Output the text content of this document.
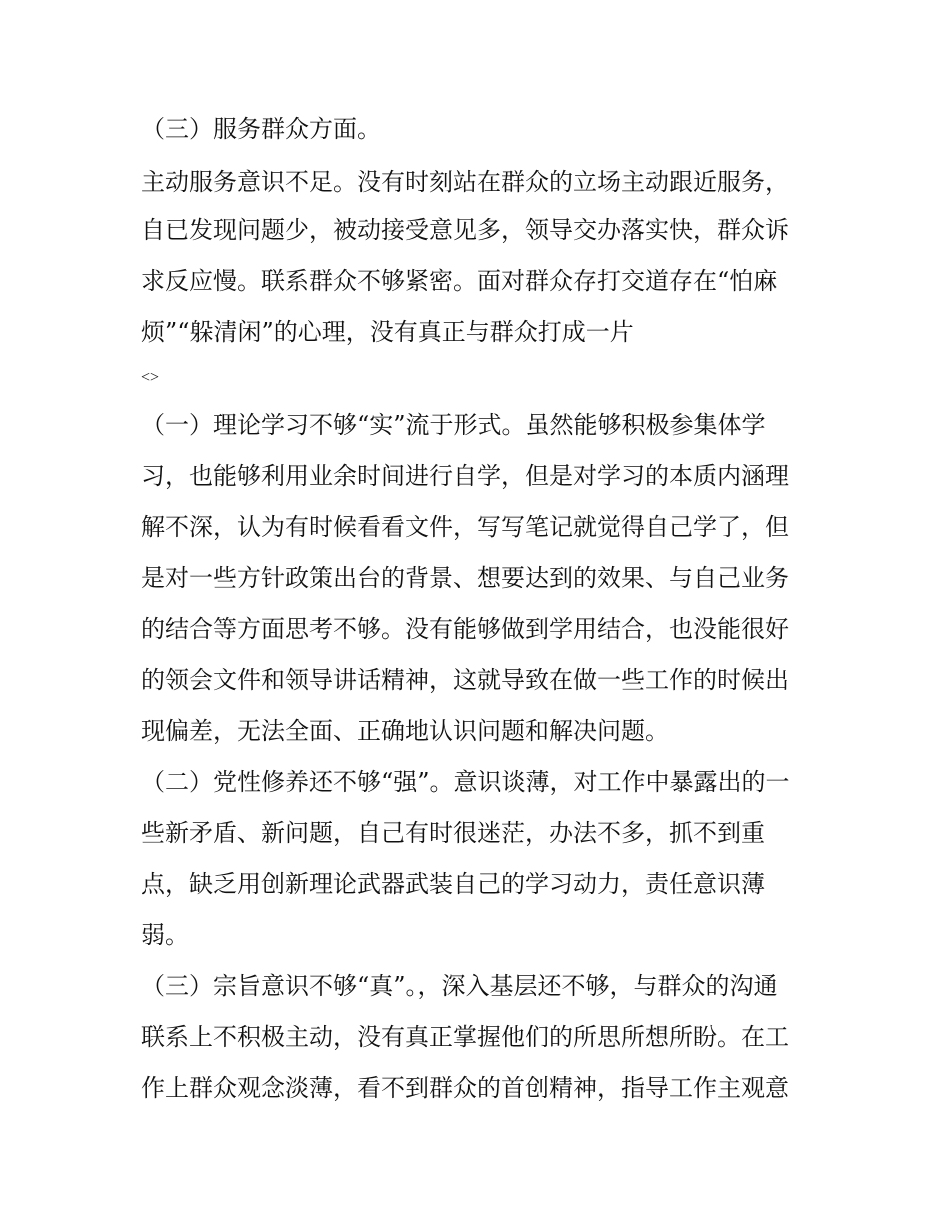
（三）服务群众方面。

主动服务意识不足。没有时刻站在群众的立场主动跟近服务，

自已发现问题少，被动接受意见多，领导交办落实快，群众诉

求反应慢。联系群众不够紧密。面对群众存打交道存在“怕麻

烦”“躲清闲”的心理，没有真正与群众打成一片

<>

（一）理论学习不够“实”流于形式。虽然能够积极参集体学

习，也能够利用业余时间进行自学，但是对学习的本质内涵理

解不深，认为有时候看看文件，写写笔记就觉得自己学了，但

是对一些方针政策出台的背景、想要达到的效果、与自己业务

的结合等方面思考不够。没有能够做到学用结合，也没能很好

的领会文件和领导讲话精神，这就导致在做一些工作的时候出

现偏差，无法全面、正确地认识问题和解决问题。

（二）党性修养还不够“强”。意识谈薄，对工作中暴露出的一

些新矛盾、新问题，自己有时很迷茫，办法不多，抓不到重

点，缺乏用创新理论武器武装自己的学习动力，责任意识薄

弱。

（三）宗旨意识不够“真”。，深入基层还不够，与群众的沟通

联系上不积极主动，没有真正掌握他们的所思所想所盼。在工

作上群众观念淡薄，看不到群众的首创精神，指导工作主观意
